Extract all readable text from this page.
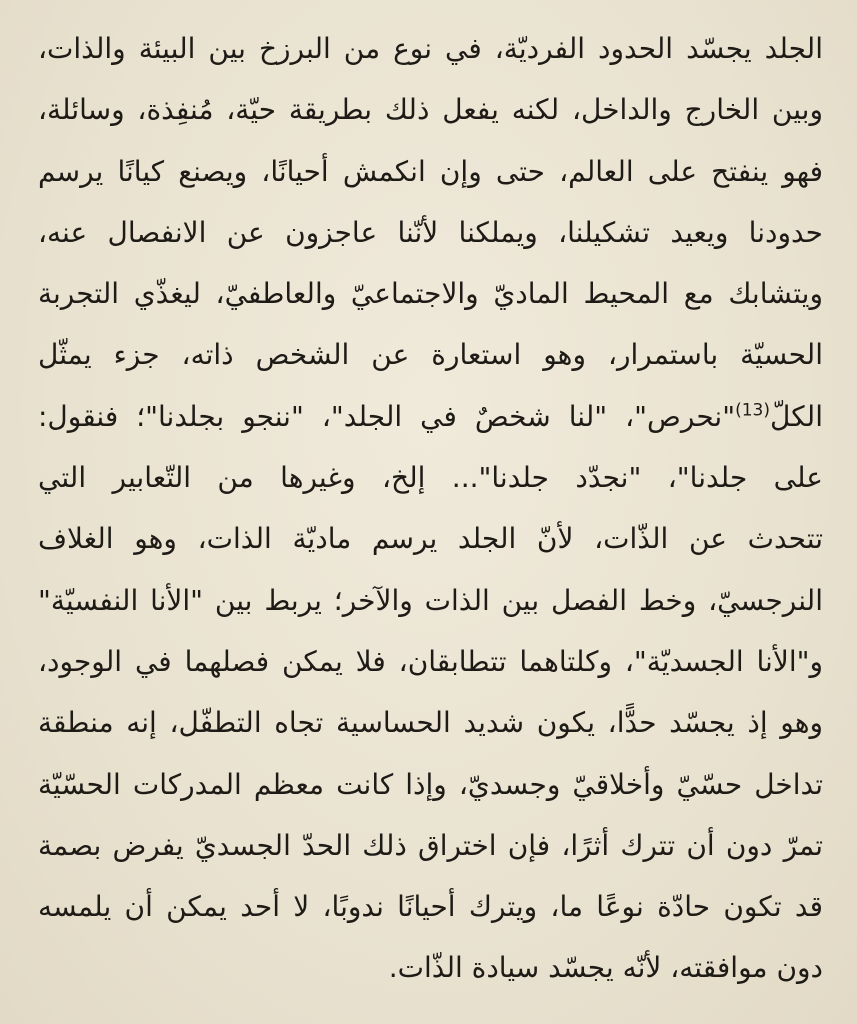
الجلد يجسّد الحدود الفرديّة، في نوع من البرزخ بين البيئة والذات،
وبين الخارج والداخل، لكنه يفعل ذلك بطريقة حيّة، مُنفِذة، وسائلة،
فهو ينفتح على العالم، حتى وإن انكمش أحيانًا، ويصنع كيانًا يرسم
حدودنا ويعيد تشكيلنا، ويملكنا لأنّنا عاجزون عن الانفصال عنه،
ويتشابك مع المحيط الماديّ والاجتماعيّ والعاطفيّ، ليغذّي التجربة
الحسيّة باستمرار، وهو استعارة عن الشخص ذاته، جزء يمثّل
الكلّ$^{(13)}$"نحرص"، "لنا شخصٌ في الجلد"، "ننجو بجلدنا"؛ فنقول:
على جلدنا"، "نجدّد جلدنا"... إلخ، وغيرها من التّعابير التي
تتحدث عن الذّات، لأنّ الجلد يرسم ماديّة الذات، وهو الغلاف
النرجسيّ، وخط الفصل بين الذات والآخر؛ يربط بين "الأنا النفسيّة"
و"الأنا الجسديّة"، وكلتاهما تتطابقان، فلا يمكن فصلهما في الوجود،
وهو إذ يجسّد حدًّا، يكون شديد الحساسية تجاه التطفّل، إنه منطقة
تداخل حسّيّ وأخلاقيّ وجسديّ، وإذا كانت معظم المدركات الحسّيّة
تمرّ دون أن تترك أثرًا، فإن اختراق ذلك الحدّ الجسديّ يفرض بصمة
قد تكون حادّة نوعًا ما، ويترك أحيانًا ندوبًا، لا أحد يمكن أن يلمسه
دون موافقته، لأنّه يجسّد سيادة الذّات.
